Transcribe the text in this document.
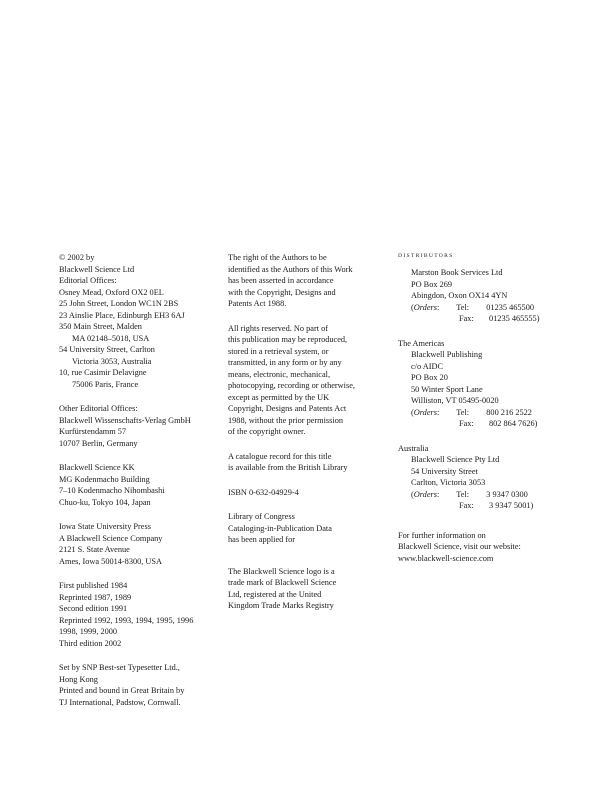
© 2002 by
Blackwell Science Ltd
Editorial Offices:
Osney Mead, Oxford OX2 0EL
25 John Street, London WC1N 2BS
23 Ainslie Place, Edinburgh EH3 6AJ
350 Main Street, Malden
MA 02148–5018, USA
54 University Street, Carlton
Victoria 3053, Australia
10, rue Casimir Delavigne
75006 Paris, France
Other Editorial Offices:
Blackwell Wissenschafts-Verlag GmbH
Kurfürstendamm 57
10707 Berlin, Germany
Blackwell Science KK
MG Kodenmacho Building
7–10 Kodenmacho Nihombashi
Chuo-ku, Tokyo 104, Japan
Iowa State University Press
A Blackwell Science Company
2121 S. State Avenue
Ames, Iowa 50014-8300, USA
First published 1984
Reprinted 1987, 1989
Second edition 1991
Reprinted 1992, 1993, 1994, 1995, 1996
1998, 1999, 2000
Third edition 2002
Set by SNP Best-set Typesetter Ltd.,
Hong Kong
Printed and bound in Great Britain by
TJ International, Padstow, Cornwall.
The right of the Authors to be
identified as the Authors of this Work
has been asserted in accordance
with the Copyright, Designs and
Patents Act 1988.
All rights reserved. No part of
this publication may be reproduced,
stored in a retrieval system, or
transmitted, in any form or by any
means, electronic, mechanical,
photocopying, recording or otherwise,
except as permitted by the UK
Copyright, Designs and Patents Act
1988, without the prior permission
of the copyright owner.
A catalogue record for this title
is available from the British Library
ISBN 0-632-04929-4
Library of Congress
Cataloging-in-Publication Data
has been applied for
The Blackwell Science logo is a
trade mark of Blackwell Science
Ltd, registered at the United
Kingdom Trade Marks Registry
DISTRIBUTORS
Marston Book Services Ltd
PO Box 269
Abingdon, Oxon OX14 4YN
(Orders: Tel: 01235 465500
Fax: 01235 465555)
The Americas
Blackwell Publishing
c/o AIDC
PO Box 20
50 Winter Sport Lane
Williston, VT 05495-0020
(Orders: Tel: 800 216 2522
Fax: 802 864 7626)
Australia
Blackwell Science Pty Ltd
54 University Street
Carlton, Victoria 3053
(Orders: Tel: 3 9347 0300
Fax: 3 9347 5001)
For further information on
Blackwell Science, visit our website:
www.blackwell-science.com
